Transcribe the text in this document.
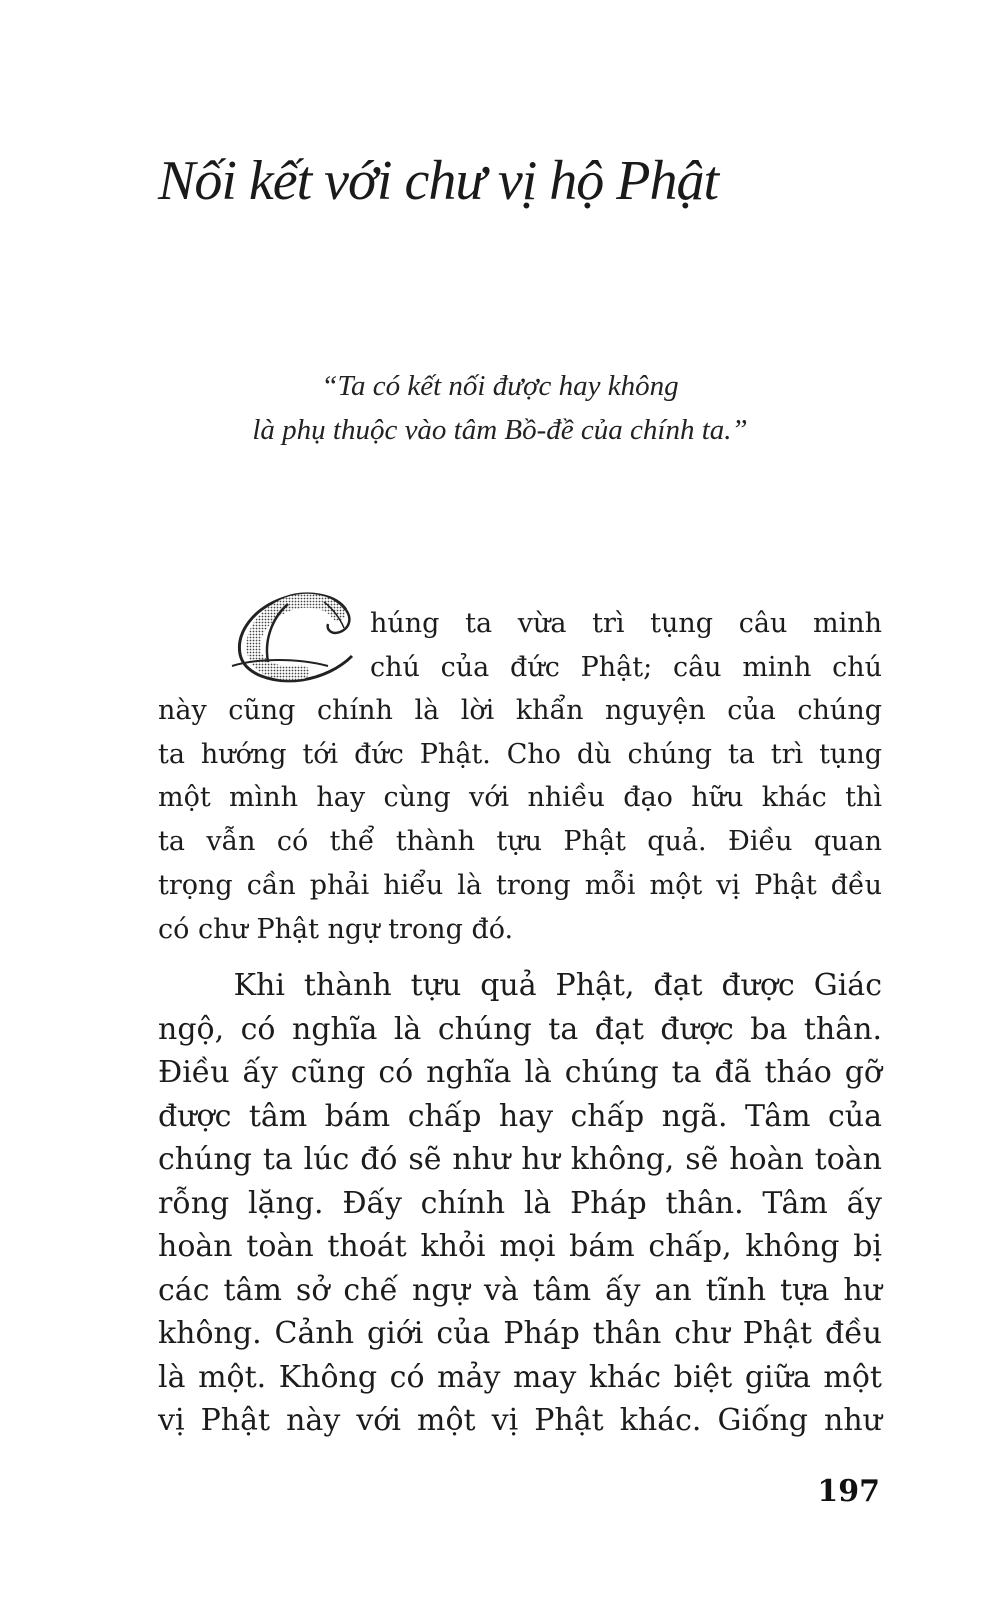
Nối kết với chư vị hộ Phật
“Ta có kết nối được hay không
là phụ thuộc vào tâm Bồ-đề của chính ta.”
húng ta vừa trì tụng câu minh
chú của đức Phật; câu minh chú
này cũng chính là lời khẩn nguyện của chúng
ta hướng tới đức Phật. Cho dù chúng ta trì tụng
một mình hay cùng với nhiều đạo hữu khác thì
ta vẫn có thể thành tựu Phật quả. Điều quan
trọng cần phải hiểu là trong mỗi một vị Phật đều
có chư Phật ngự trong đó.
Khi thành tựu quả Phật, đạt được Giác
ngộ, có nghĩa là chúng ta đạt được ba thân.
Điều ấy cũng có nghĩa là chúng ta đã tháo gỡ
được tâm bám chấp hay chấp ngã. Tâm của
chúng ta lúc đó sẽ như hư không, sẽ hoàn toàn
rỗng lặng. Đấy chính là Pháp thân. Tâm ấy
hoàn toàn thoát khỏi mọi bám chấp, không bị
các tâm sở chế ngự và tâm ấy an tĩnh tựa hư
không. Cảnh giới của Pháp thân chư Phật đều
là một. Không có mảy may khác biệt giữa một
vị Phật này với một vị Phật khác. Giống như
197
